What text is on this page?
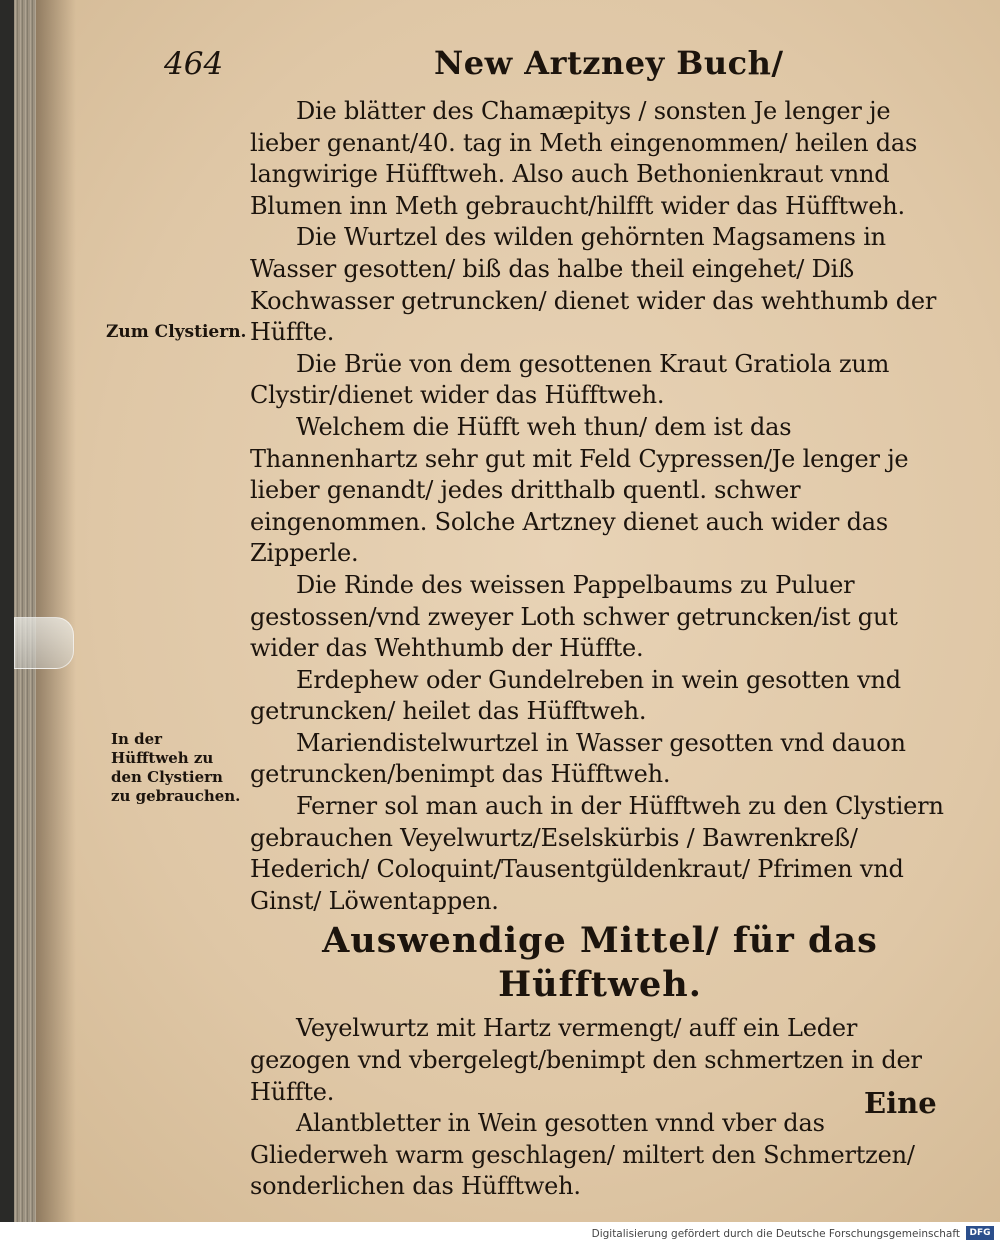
464	New Artzney Buch/
Zum Clystiern.
In der Hüfftweh zu den Clystiern zu gebrauchen.

Die blätter des Chamæpitys / sonsten Je lenger je lieber genant/40. tag in Meth eingenommen/ heilen das langwirige Hüfftweh. Also auch Bethonienkraut vnnd Blumen inn Meth gebraucht/hilfft wider das Hüfftweh.

Die Wurtzel des wilden gehörnten Magsamens in Wasser gesotten/ biß das halbe theil eingehet/ Diß Kochwasser getruncken/ dienet wider das wehthumb der Hüffte.

Die Brüe von dem gesottenen Kraut Gratiola zum Clystir/dienet wider das Hüfftweh.

Welchem die Hüfft weh thun/ dem ist das Thannenhartz sehr gut mit Feld Cypressen/Je lenger je lieber genandt/ jedes dritthalb quentl. schwer eingenommen. Solche Artzney dienet auch wider das Zipperle.

Die Rinde des weissen Pappelbaums zu Puluer gestossen/vnd zweyer Loth schwer getruncken/ist gut wider das Wehthumb der Hüffte.

Erdephew oder Gundelreben in wein gesotten vnd getruncken/ heilet das Hüfftweh.

Mariendistelwurtzel in Wasser gesotten vnd dauon getruncken/benimpt das Hüfftweh.

Ferner sol man auch in der Hüfftweh zu den Clystiern gebrauchen Veyelwurtz/Eselskürbis / Bawrenkreß/ Hederich/ Coloquint/Tausentgüldenkraut/ Pfrimen vnd Ginst/ Löwentappen.

Auswendige Mittel/ für das Hüfftweh.

Veyelwurtz mit Hartz vermengt/ auff ein Leder gezogen vnd vbergelegt/benimpt den schmertzen in der Hüffte.

Alantbletter in Wein gesotten vnnd vber das Gliederweh warm geschlagen/ miltert den Schmertzen/ sonderlichen das Hüfftweh.

Eine
Digitalisierung gefördert durch die Deutsche Forschungsgemeinschaft	DFG
